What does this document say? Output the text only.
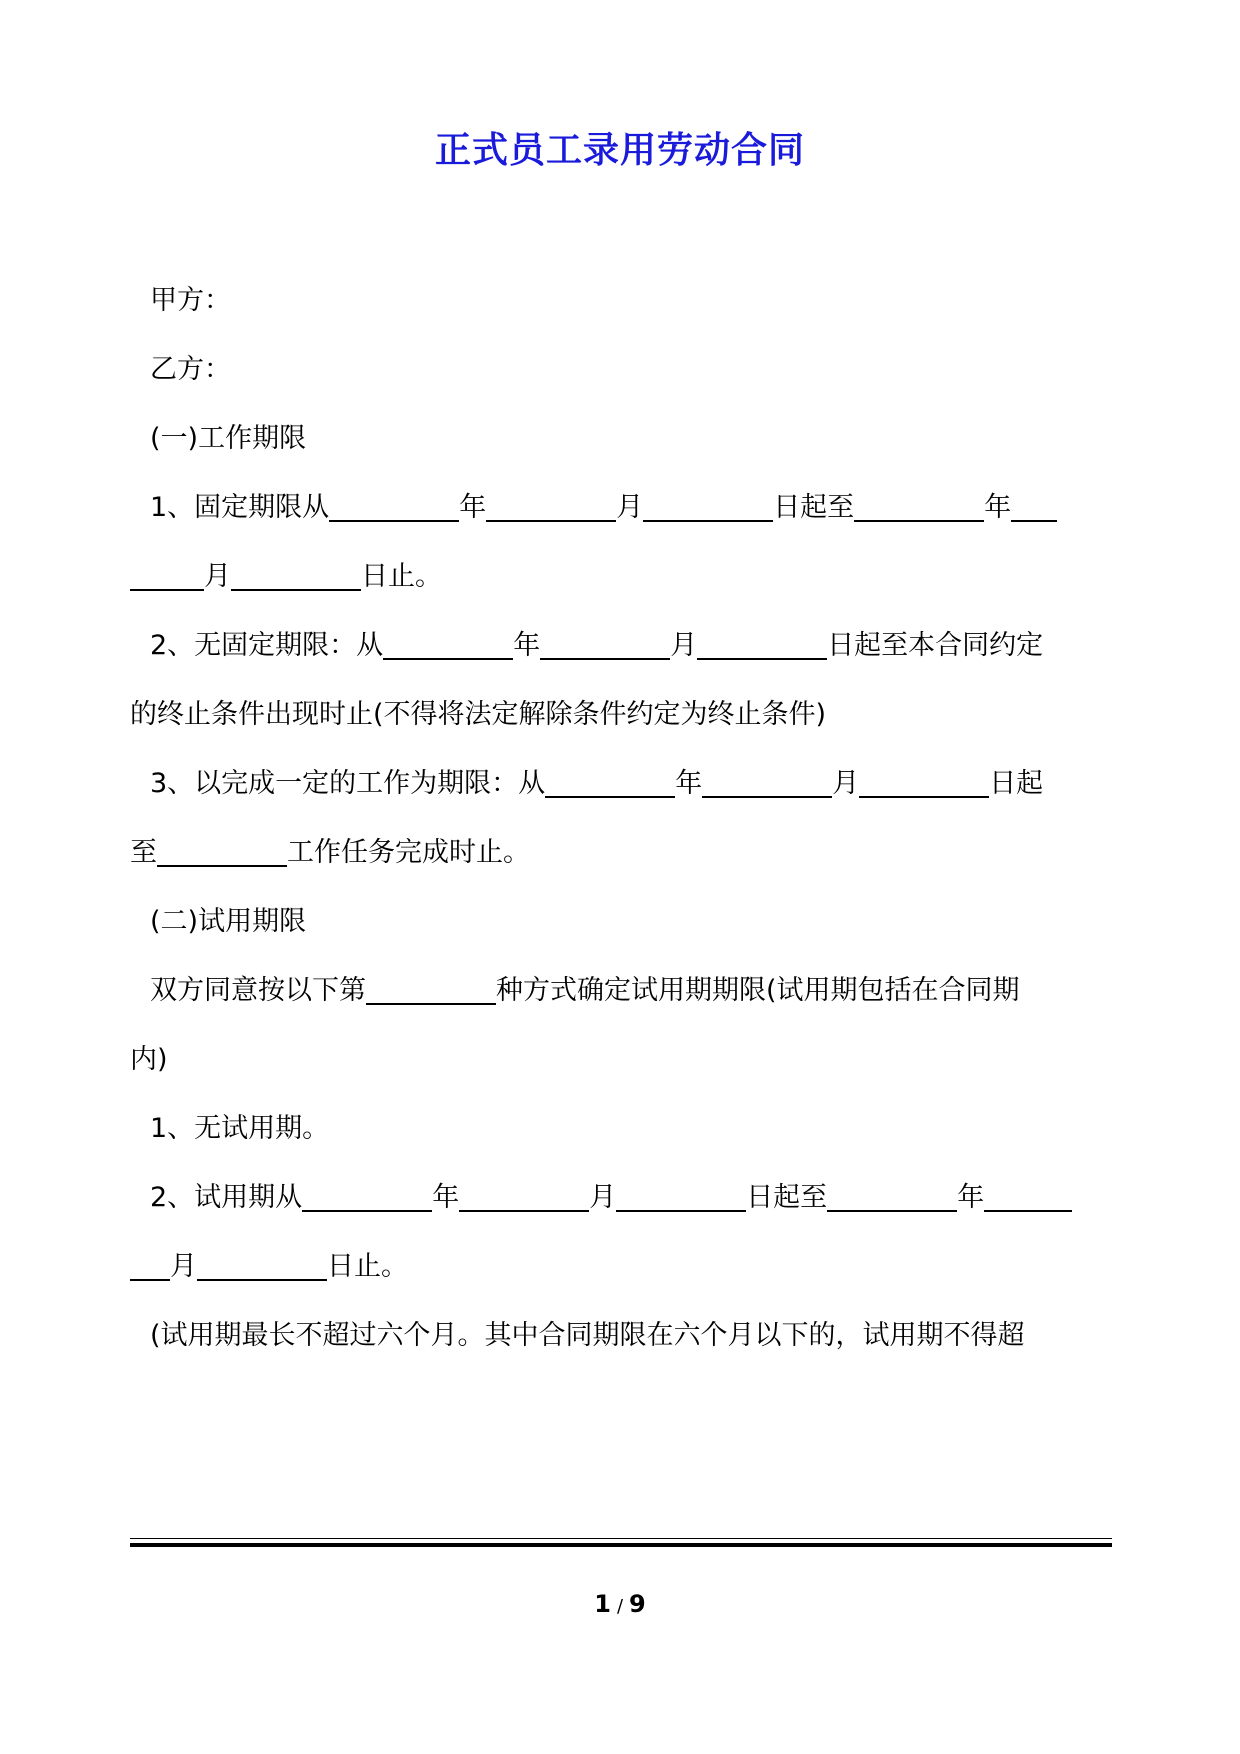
正式员工录用劳动合同
甲方：
乙方：
(一)工作期限
1、固定期限从	年	月	日起至	年
月	日止。
2、无固定期限：从	年	月	日起至本合同约定
的终止条件出现时止(不得将法定解除条件约定为终止条件)
3、以完成一定的工作为期限：从	年	月	日起
至	工作任务完成时止。
(二)试用期限
双方同意按以下第	种方式确定试用期期限(试用期包括在合同期
内)
1、无试用期。
2、试用期从	年	月	日起至	年
月	日止。
(试用期最长不超过六个月。其中合同期限在六个月以下的，试用期不得超
1 / 9
